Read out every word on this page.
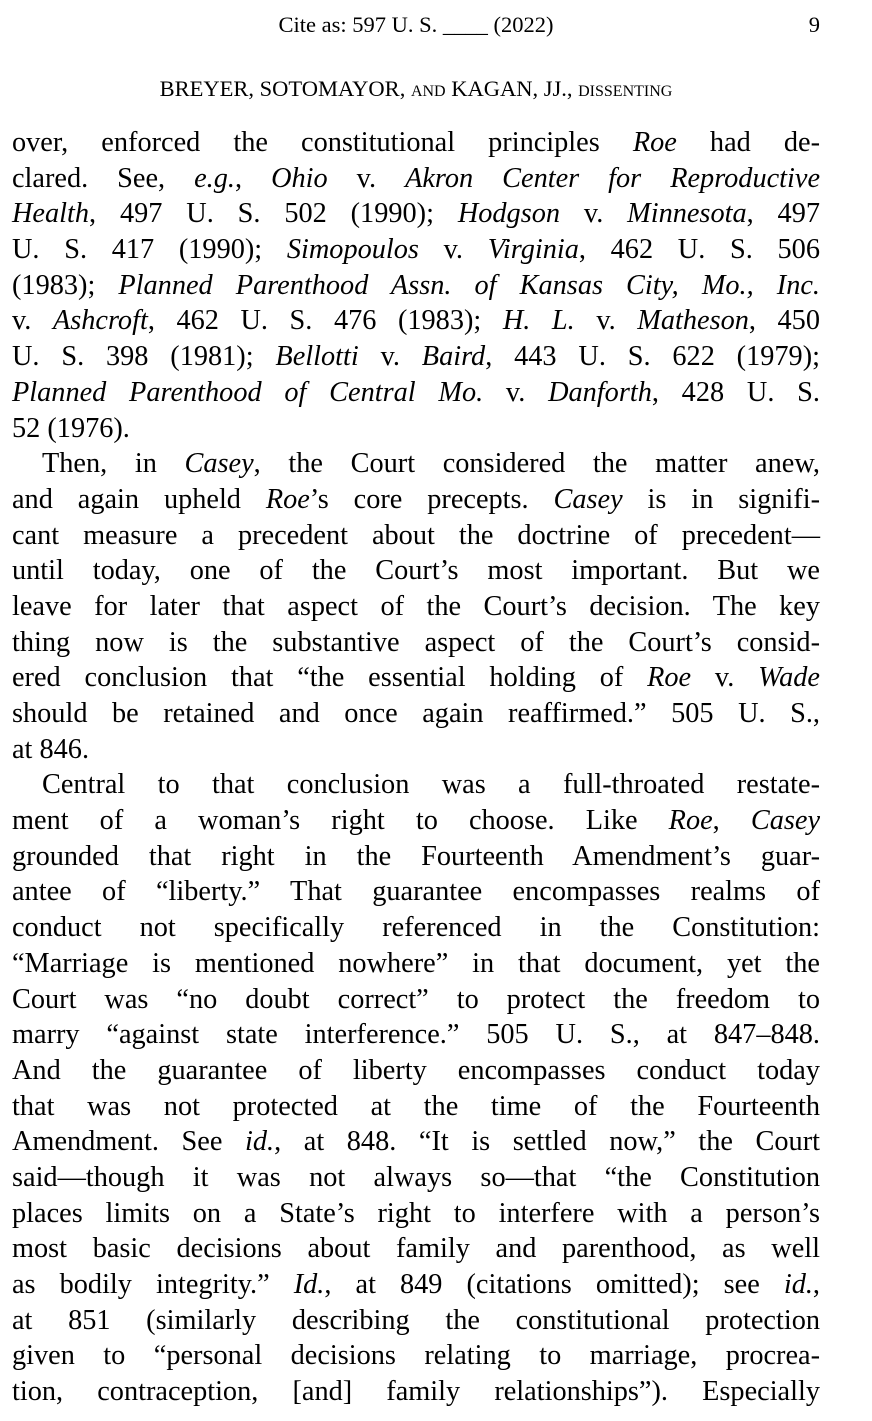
Cite as: 597 U. S. ____ (2022)	9
BREYER, SOTOMAYOR, and KAGAN, JJ., dissenting
over, enforced the constitutional principles Roe had de-
clared. See, e.g., Ohio v. Akron Center for Reproductive
Health, 497 U. S. 502 (1990); Hodgson v. Minnesota, 497
U. S. 417 (1990); Simopoulos v. Virginia, 462 U. S. 506
(1983); Planned Parenthood Assn. of Kansas City, Mo., Inc.
v. Ashcroft, 462 U. S. 476 (1983); H. L. v. Matheson, 450
U. S. 398 (1981); Bellotti v. Baird, 443 U. S. 622 (1979);
Planned Parenthood of Central Mo. v. Danforth, 428 U. S.
52 (1976).
Then, in Casey, the Court considered the matter anew,
and again upheld Roe’s core precepts. Casey is in signifi-
cant measure a precedent about the doctrine of precedent—
until today, one of the Court’s most important. But we
leave for later that aspect of the Court’s decision. The key
thing now is the substantive aspect of the Court’s consid-
ered conclusion that “the essential holding of Roe v. Wade
should be retained and once again reaffirmed.” 505 U. S.,
at 846.
Central to that conclusion was a full-throated restate-
ment of a woman’s right to choose. Like Roe, Casey
grounded that right in the Fourteenth Amendment’s guar-
antee of “liberty.” That guarantee encompasses realms of
conduct not specifically referenced in the Constitution:
“Marriage is mentioned nowhere” in that document, yet the
Court was “no doubt correct” to protect the freedom to
marry “against state interference.” 505 U. S., at 847–848.
And the guarantee of liberty encompasses conduct today
that was not protected at the time of the Fourteenth
Amendment. See id., at 848. “It is settled now,” the Court
said—though it was not always so—that “the Constitution
places limits on a State’s right to interfere with a person’s
most basic decisions about family and parenthood, as well
as bodily integrity.” Id., at 849 (citations omitted); see id.,
at 851 (similarly describing the constitutional protection
given to “personal decisions relating to marriage, procrea-
tion, contraception, [and] family relationships”). Especially
